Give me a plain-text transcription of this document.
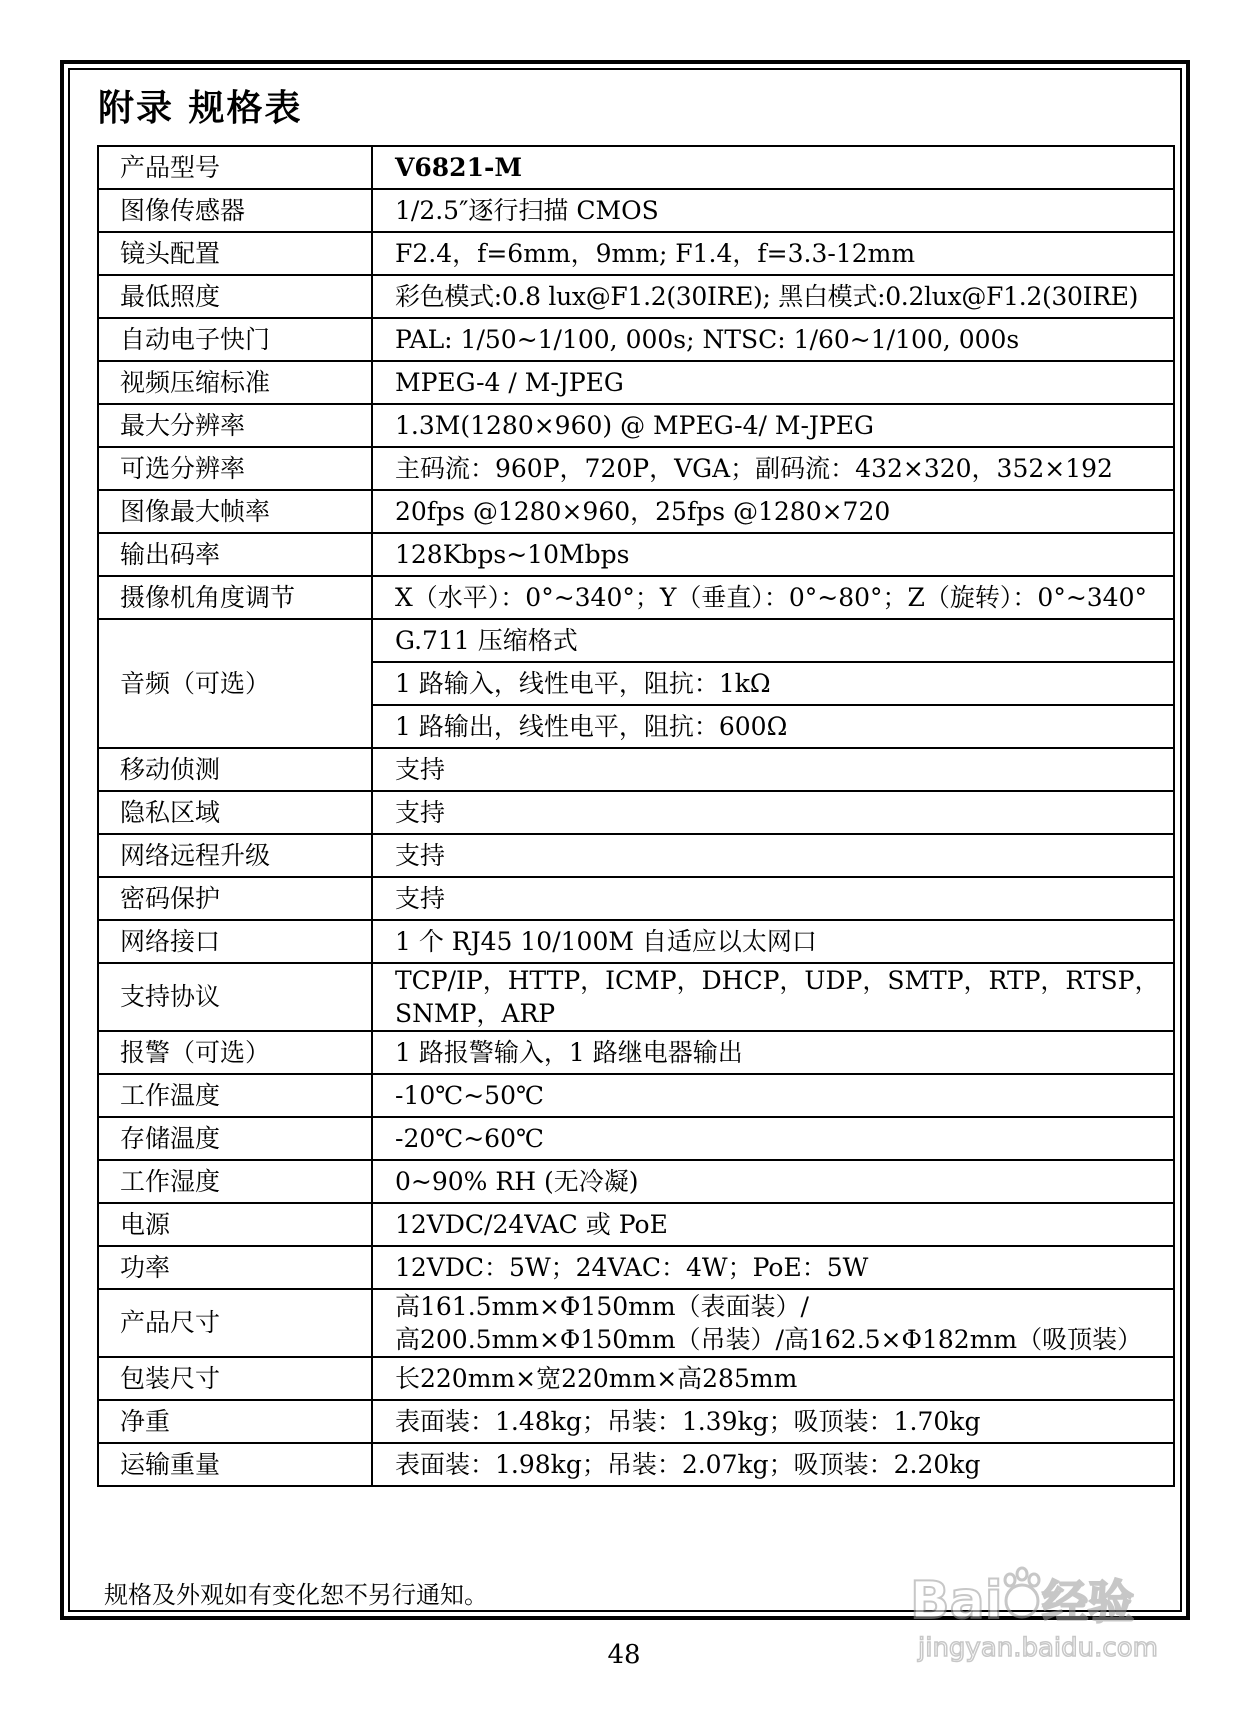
附录 规格表
产品型号	V6821-M
图像传感器	1/2.5″逐行扫描 CMOS
镜头配置	F2.4，f=6mm，9mm; F1.4，f=3.3-12mm
最低照度	彩色模式:0.8 lux@F1.2(30IRE); 黑白模式:0.2lux@F1.2(30IRE)
自动电子快门	PAL: 1/50~1/100, 000s; NTSC: 1/60~1/100, 000s
视频压缩标准	MPEG-4 / M-JPEG
最大分辨率	1.3M(1280×960) @ MPEG-4/ M-JPEG
可选分辨率	主码流：960P，720P，VGA；副码流：432×320，352×192
图像最大帧率	20fps @1280×960，25fps @1280×720
输出码率	128Kbps~10Mbps
摄像机角度调节	X（水平）：0°~340°；Y（垂直）：0°~80°；Z（旋转）：0°~340°
音频（可选）	G.711 压缩格式
	1 路输入，线性电平，阻抗：1kΩ
	1 路输出，线性电平，阻抗：600Ω
移动侦测	支持
隐私区域	支持
网络远程升级	支持
密码保护	支持
网络接口	1 个 RJ45 10/100M 自适应以太网口
支持协议	TCP/IP，HTTP，ICMP，DHCP，UDP，SMTP，RTP，RTSP，
SNMP，ARP

报警（可选）	1 路报警输入，1 路继电器输出
工作温度	-10℃~50℃
存储温度	-20℃~60℃
工作湿度	0~90% RH (无冷凝)
电源	12VDC/24VAC 或 PoE
功率	12VDC：5W；24VAC：4W；PoE：5W
产品尺寸	高161.5mm×Φ150mm（表面装）/
高200.5mm×Φ150mm（吊装）/高162.5×Φ182mm（吸顶装）

包装尺寸	长220mm×宽220mm×高285mm
净重	表面装：1.48kg；吊装：1.39kg；吸顶装：1.70kg
运输重量	表面装：1.98kg；吊装：2.07kg；吸顶装：2.20kg
规格及外观如有变化恕不另行通知。
48
Bai 经验
jingyan.baidu.com
